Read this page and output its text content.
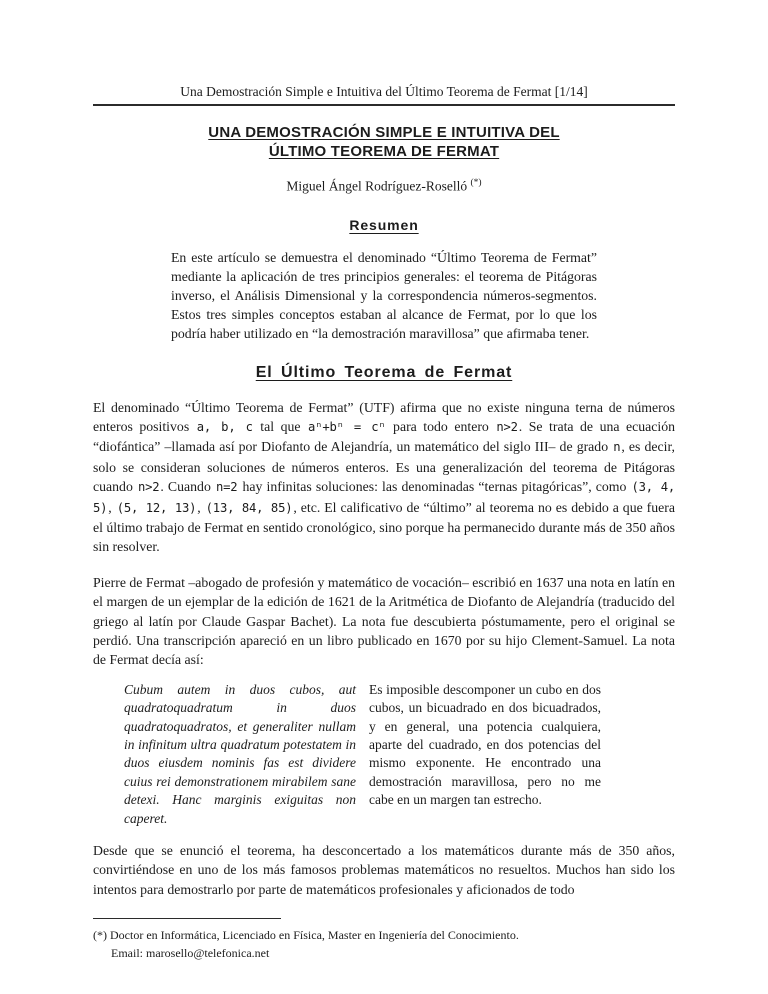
Una Demostración Simple e Intuitiva del Último Teorema de Fermat [1/14]
UNA DEMOSTRACIÓN SIMPLE E INTUITIVA DEL
ÚLTIMO TEOREMA DE FERMAT
Miguel Ángel Rodríguez-Roselló (*)
Resumen
En este artículo se demuestra el denominado “Último Teorema de Fermat” mediante la aplicación de tres principios generales: el teorema de Pitágoras inverso, el Análisis Dimensional y la correspondencia números-segmentos. Estos tres simples conceptos estaban al alcance de Fermat, por lo que los podría haber utilizado en “la demostración maravillosa” que afirmaba tener.
El Último Teorema de Fermat
El denominado “Último Teorema de Fermat” (UTF) afirma que no existe ninguna terna de números enteros positivos a, b, c tal que aⁿ+bⁿ = cⁿ para todo entero n>2. Se trata de una ecuación “diofántica” –llamada así por Diofanto de Alejandría, un matemático del siglo III– de grado n, es decir, solo se consideran soluciones de números enteros. Es una generalización del teorema de Pitágoras cuando n>2. Cuando n=2 hay infinitas soluciones: las denominadas “ternas pitagóricas”, como (3, 4, 5), (5, 12, 13), (13, 84, 85), etc. El calificativo de “último” al teorema no es debido a que fuera el último trabajo de Fermat en sentido cronológico, sino porque ha permanecido durante más de 350 años sin resolver.
Pierre de Fermat –abogado de profesión y matemático de vocación– escribió en 1637 una nota en latín en el margen de un ejemplar de la edición de 1621 de la Aritmética de Diofanto de Alejandría (traducido del griego al latín por Claude Gaspar Bachet). La nota fue descubierta póstumamente, pero el original se perdió. Una transcripción apareció en un libro publicado en 1670 por su hijo Clement-Samuel. La nota de Fermat decía así:
Cubum autem in duos cubos, aut quadratoquadratum in duos quadratoquadratos, et generaliter nullam in infinitum ultra quadratum potestatem in duos eiusdem nominis fas est dividere cuius rei demonstrationem mirabilem sane detexi. Hanc marginis exiguitas non caperet.
Es imposible descomponer un cubo en dos cubos, un bicuadrado en dos bicuadrados, y en general, una potencia cualquiera, aparte del cuadrado, en dos potencias del mismo exponente. He encontrado una demostración maravillosa, pero no me cabe en un margen tan estrecho.
Desde que se enunció el teorema, ha desconcertado a los matemáticos durante más de 350 años, convirtiéndose en uno de los más famosos problemas matemáticos no resueltos. Muchos han sido los intentos para demostrarlo por parte de matemáticos profesionales y aficionados de todo
(*) Doctor en Informática, Licenciado en Física, Master en Ingeniería del Conocimiento.
Email: marosello@telefonica.net
